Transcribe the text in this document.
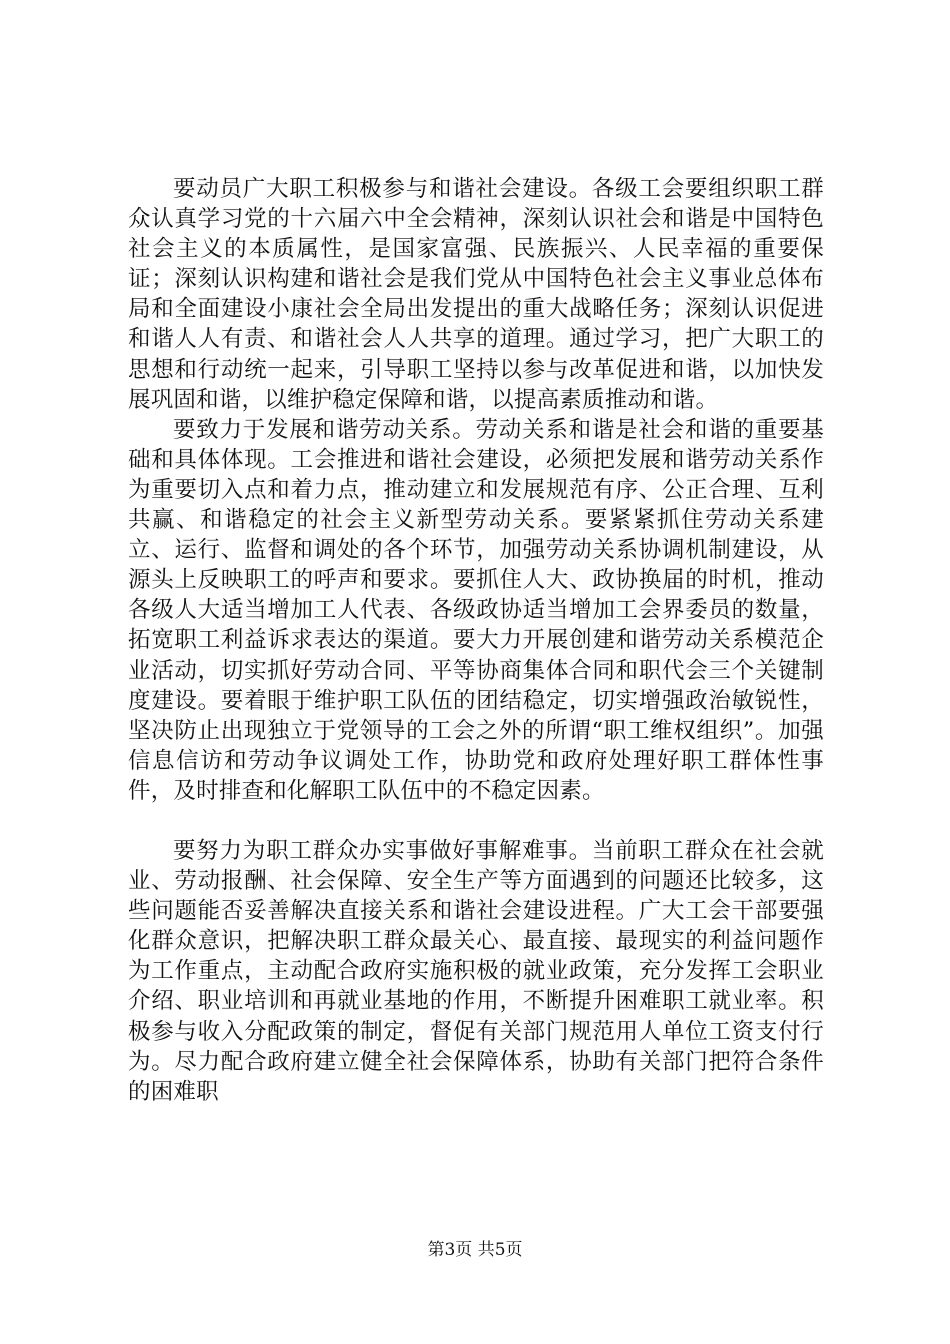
要动员广大职工积极参与和谐社会建设。各级工会要组织职工群众认真学习党的十六届六中全会精神，深刻认识社会和谐是中国特色社会主义的本质属性，是国家富强、民族振兴、人民幸福的重要保证；深刻认识构建和谐社会是我们党从中国特色社会主义事业总体布局和全面建设小康社会全局出发提出的重大战略任务；深刻认识促进和谐人人有责、和谐社会人人共享的道理。通过学习，把广大职工的思想和行动统一起来，引导职工坚持以参与改革促进和谐，以加快发展巩固和谐，以维护稳定保障和谐，以提高素质推动和谐。

要致力于发展和谐劳动关系。劳动关系和谐是社会和谐的重要基础和具体体现。工会推进和谐社会建设，必须把发展和谐劳动关系作为重要切入点和着力点，推动建立和发展规范有序、公正合理、互利共赢、和谐稳定的社会主义新型劳动关系。要紧紧抓住劳动关系建立、运行、监督和调处的各个环节，加强劳动关系协调机制建设，从源头上反映职工的呼声和要求。要抓住人大、政协换届的时机，推动各级人大适当增加工人代表、各级政协适当增加工会界委员的数量，拓宽职工利益诉求表达的渠道。要大力开展创建和谐劳动关系模范企业活动，切实抓好劳动合同、平等协商集体合同和职代会三个关键制度建设。要着眼于维护职工队伍的团结稳定，切实增强政治敏锐性，坚决防止出现独立于党领导的工会之外的所谓“职工维权组织”。加强信息信访和劳动争议调处工作，协助党和政府处理好职工群体性事件，及时排查和化解职工队伍中的不稳定因素。

要努力为职工群众办实事做好事解难事。当前职工群众在社会就业、劳动报酬、社会保障、安全生产等方面遇到的问题还比较多，这些问题能否妥善解决直接关系和谐社会建设进程。广大工会干部要强化群众意识，把解决职工群众最关心、最直接、最现实的利益问题作为工作重点，主动配合政府实施积极的就业政策，充分发挥工会职业介绍、职业培训和再就业基地的作用，不断提升困难职工就业率。积极参与收入分配政策的制定，督促有关部门规范用人单位工资支付行为。尽力配合政府建立健全社会保障体系，协助有关部门把符合条件的困难职

第3页 共5页
